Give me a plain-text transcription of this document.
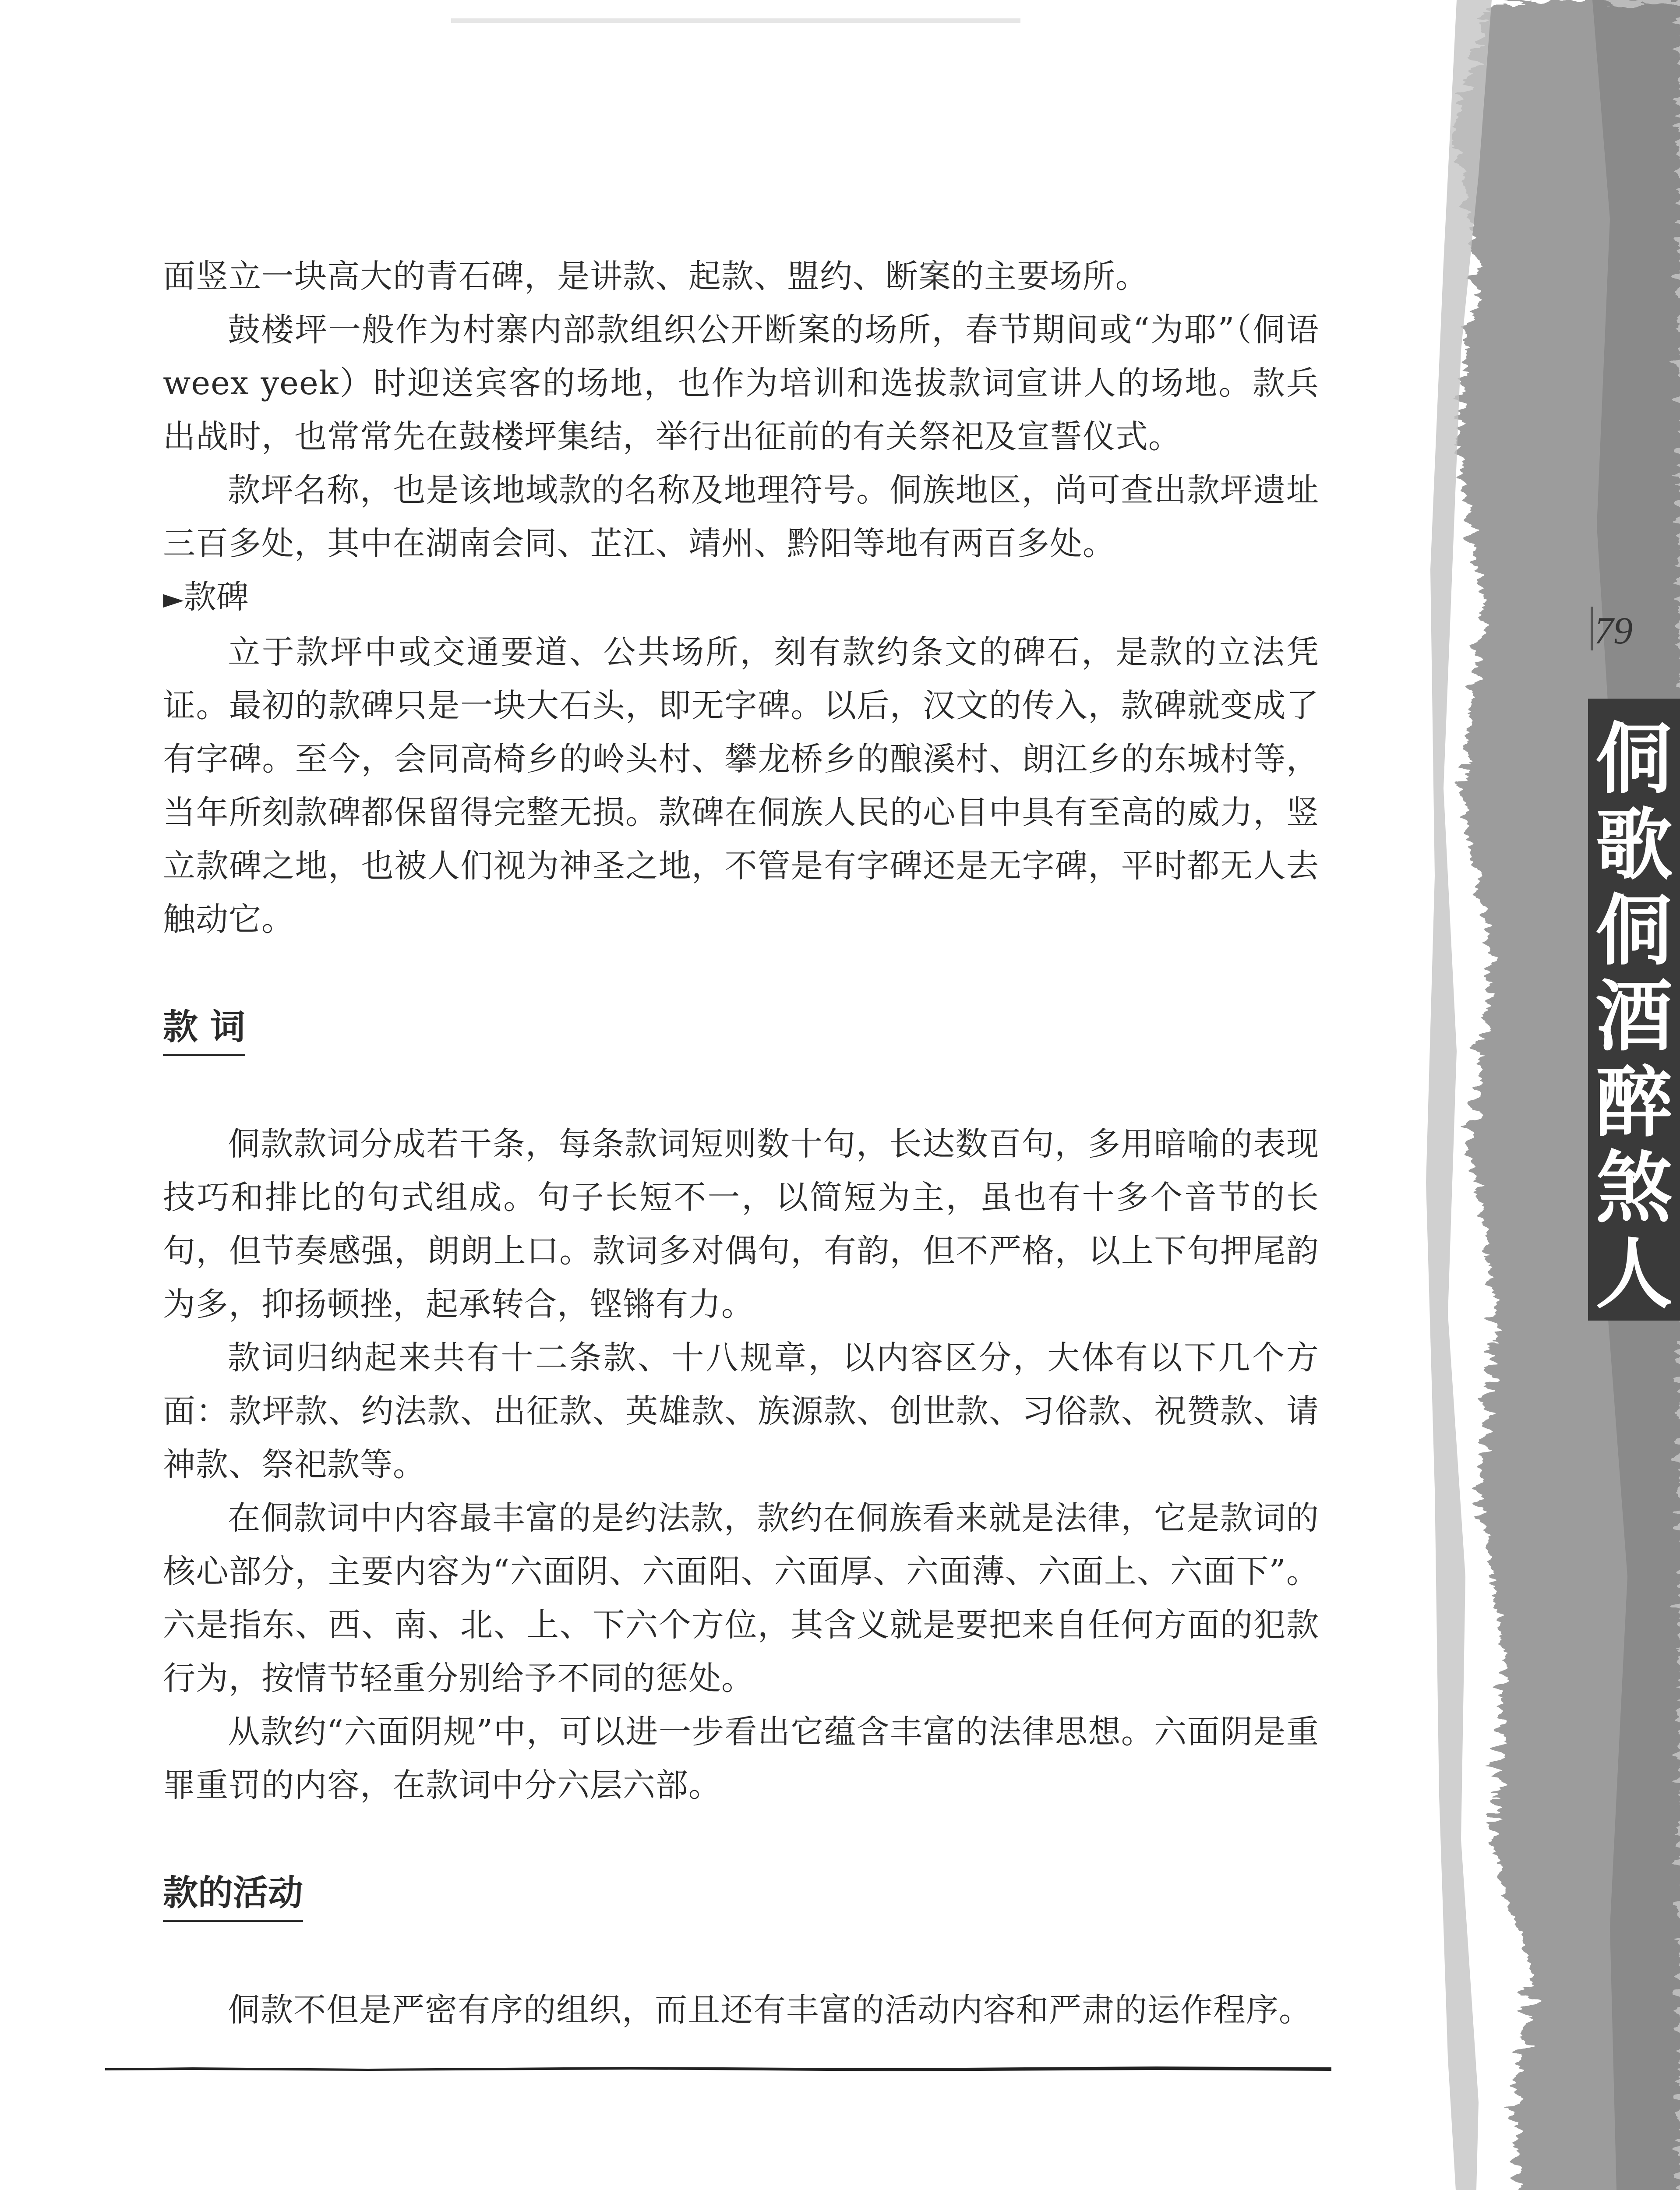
79
侗
歌
侗
酒
醉
煞
人

面竖立一块高大的青石碑，是讲款、起款、盟约、断案的主要场所。

鼓楼坪一般作为村寨内部款组织公开断案的场所，春节期间或“为耶”（侗语 weex yeek）时迎送宾客的场地，也作为培训和选拔款词宣讲人的场地。款兵出战时，也常常先在鼓楼坪集结，举行出征前的有关祭祀及宣誓仪式。

款坪名称，也是该地域款的名称及地理符号。侗族地区，尚可查出款坪遗址三百多处，其中在湖南会同、芷江、靖州、黔阳等地有两百多处。

►款碑

立于款坪中或交通要道、公共场所，刻有款约条文的碑石，是款的立法凭证。最初的款碑只是一块大石头，即无字碑。以后，汉文的传入，款碑就变成了有字碑。至今，会同高椅乡的岭头村、攀龙桥乡的酿溪村、朗江乡的东城村等，当年所刻款碑都保留得完整无损。款碑在侗族人民的心目中具有至高的威力，竖立款碑之地，也被人们视为神圣之地，不管是有字碑还是无字碑，平时都无人去触动它。

款 词

侗款款词分成若干条，每条款词短则数十句，长达数百句，多用暗喻的表现技巧和排比的句式组成。句子长短不一，以简短为主，虽也有十多个音节的长句，但节奏感强，朗朗上口。款词多对偶句，有韵，但不严格，以上下句押尾韵为多，抑扬顿挫，起承转合，铿锵有力。

款词归纳起来共有十二条款、十八规章，以内容区分，大体有以下几个方面：款坪款、约法款、出征款、英雄款、族源款、创世款、习俗款、祝赞款、请神款、祭祀款等。

在侗款词中内容最丰富的是约法款，款约在侗族看来就是法律，它是款词的核心部分，主要内容为“六面阴、六面阳、六面厚、六面薄、六面上、六面下”。六是指东、西、南、北、上、下六个方位，其含义就是要把来自任何方面的犯款行为，按情节轻重分别给予不同的惩处。

从款约“六面阴规”中，可以进一步看出它蕴含丰富的法律思想。六面阴是重罪重罚的内容，在款词中分六层六部。

款的活动

侗款不但是严密有序的组织，而且还有丰富的活动内容和严肃的运作程序。
